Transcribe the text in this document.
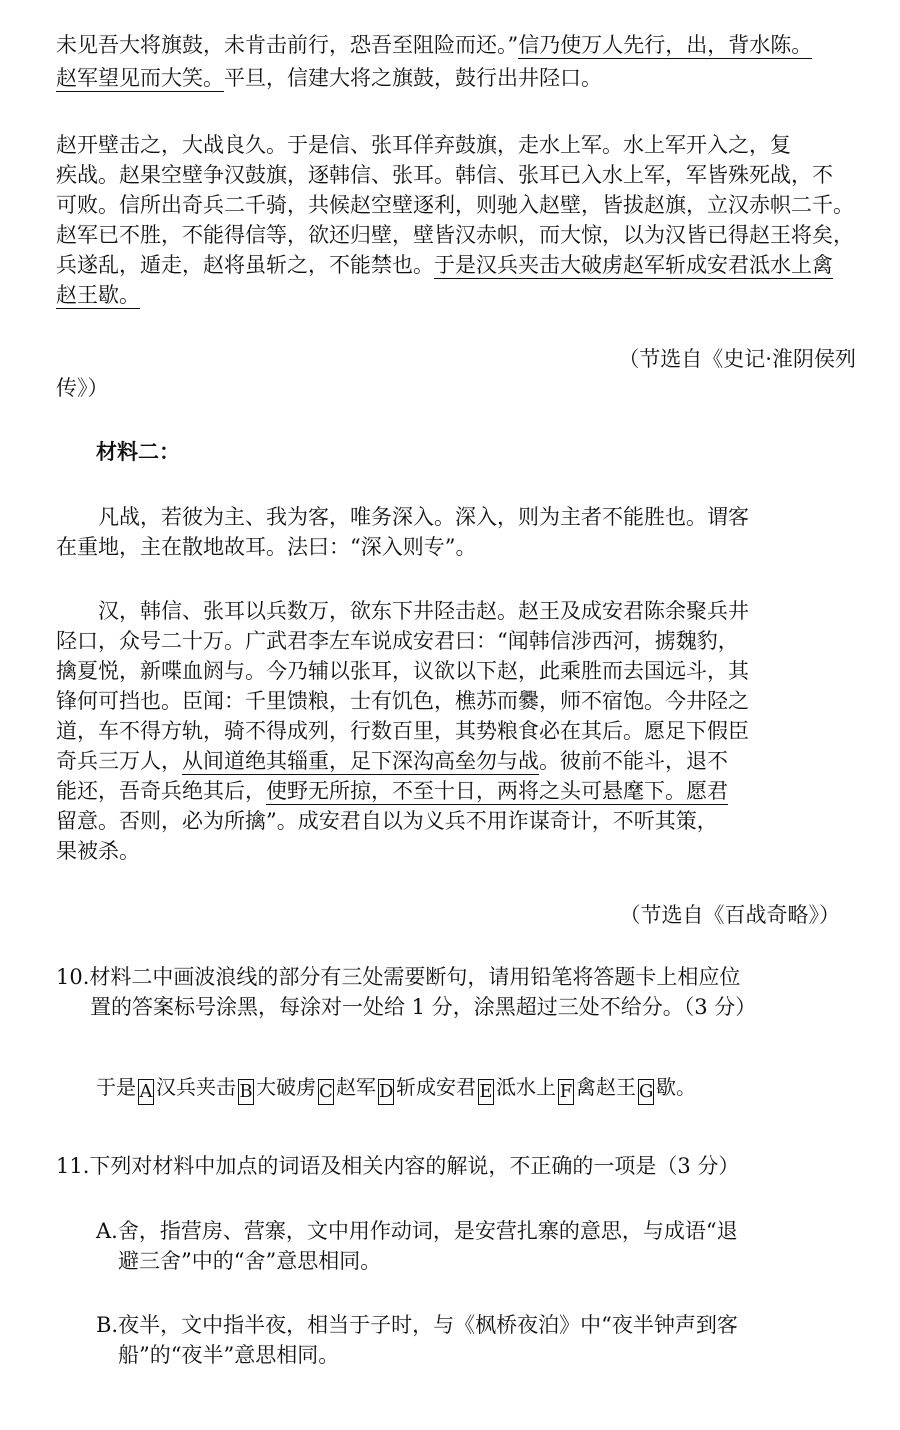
未见吾大将旗鼓，未肯击前行，恐吾至阻险而还。”信乃使万人先行，出，背水陈。
赵军望见而大笑。平旦，信建大将之旗鼓，鼓行出井陉口。
赵开壁击之，大战良久。于是信、张耳佯弃鼓旗，走水上军。水上军开入之，复
疾战。赵果空壁争汉鼓旗，逐韩信、张耳。韩信、张耳已入水上军，军皆殊死战，不
可败。信所出奇兵二千骑，共候赵空壁逐利，则驰入赵壁，皆拔赵旗，立汉赤帜二千。
赵军已不胜，不能得信等，欲还归壁，壁皆汉赤帜，而大惊，以为汉皆已得赵王将矣，
兵遂乱，遁走，赵将虽斩之，不能禁也。于是汉兵夹击大破虏赵军斩成安君泜水上禽
赵王歇。
（节选自《史记·淮阴侯列
传》）
材料二：
  凡战，若彼为主、我为客，唯务深入。深入，则为主者不能胜也。谓客
在重地，主在散地故耳。法曰：“深入则专”。
  汉，韩信、张耳以兵数万，欲东下井陉击赵。赵王及成安君陈余聚兵井
陉口，众号二十万。广武君李左车说成安君曰：“闻韩信涉西河，掳魏豹，
擒夏悦，新喋血阏与。今乃辅以张耳，议欲以下赵，此乘胜而去国远斗，其
锋何可挡也。臣闻：千里馈粮，士有饥色，樵苏而爨，师不宿饱。今井陉之
道，车不得方轨，骑不得成列，行数百里，其势粮食必在其后。愿足下假臣
奇兵三万人，从间道绝其辎重，足下深沟高垒勿与战。彼前不能斗，退不
能还，吾奇兵绝其后，使野无所掠，不至十日，两将之头可悬麾下。愿君
留意。否则，必为所擒”。成安君自以为义兵不用诈谋奇计，不听其策，
果被杀。
（节选自《百战奇略》）
10.材料二中画波浪线的部分有三处需要断句，请用铅笔将答题卡上相应位
置的答案标号涂黑，每涂对一处给 1 分，涂黑超过三处不给分。（3 分）
于是 A 汉兵夹击 B 大破虏 C 赵军 D 斩成安君 E 泜水上 F 禽赵王 G 歇。
11.下列对材料中加点的词语及相关内容的解说，不正确的一项是（3 分）
A.舍，指营房、营寨，文中用作动词，是安营扎寨的意思，与成语“退
避三舍”中的“舍”意思相同。
B.夜半，文中指半夜，相当于子时，与《枫桥夜泊》中“夜半钟声到客
船”的“夜半”意思相同。
